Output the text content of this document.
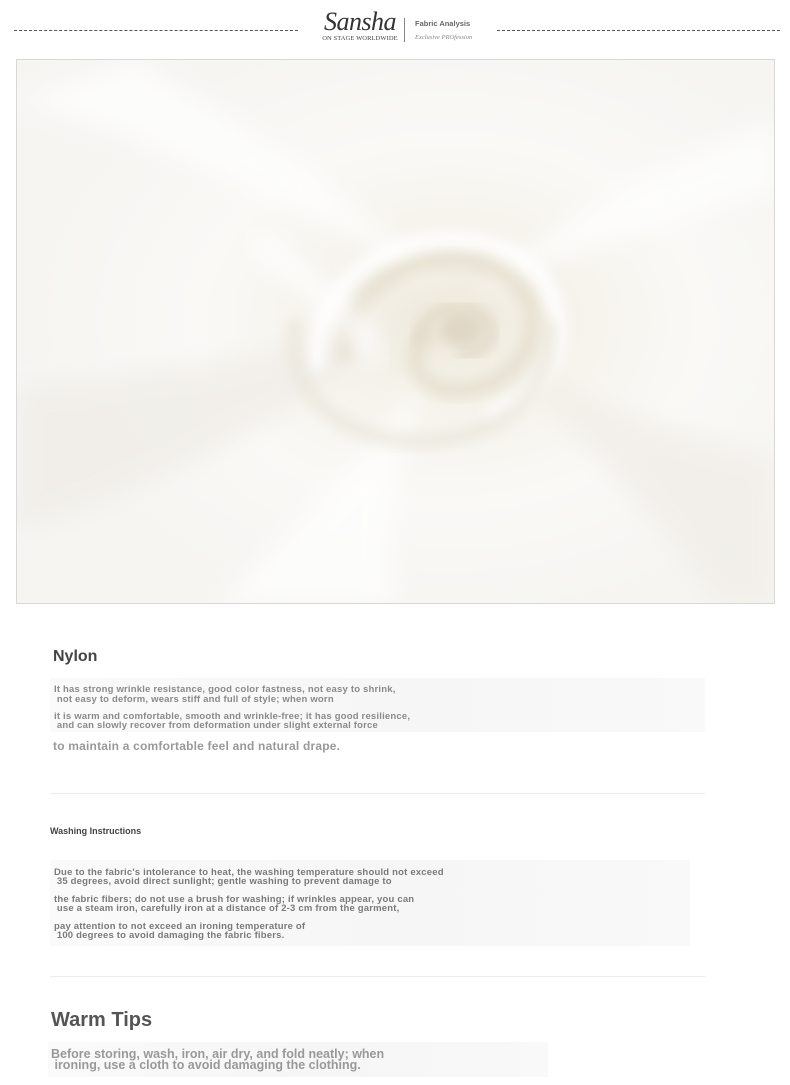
Sansha
ON STAGE WORLDWIDE
Fabric Analysis
Exclusive PROfession
Nylon
It has strong wrinkle resistance, good color fastness, not easy to shrink,
not easy to deform, wears stiff and full of style; when worn
it is warm and comfortable, smooth and wrinkle-free; it has good resilience,
and can slowly recover from deformation under slight external force
to maintain a comfortable feel and natural drape.
Washing Instructions
Due to the fabric's intolerance to heat, the washing temperature should not exceed
35 degrees, avoid direct sunlight; gentle washing to prevent damage to
the fabric fibers; do not use a brush for washing; if wrinkles appear, you can
use a steam iron, carefully iron at a distance of 2-3 cm from the garment,
pay attention to not exceed an ironing temperature of
100 degrees to avoid damaging the fabric fibers.
Warm Tips
Before storing, wash, iron, air dry, and fold neatly; when
ironing, use a cloth to avoid damaging the clothing.
